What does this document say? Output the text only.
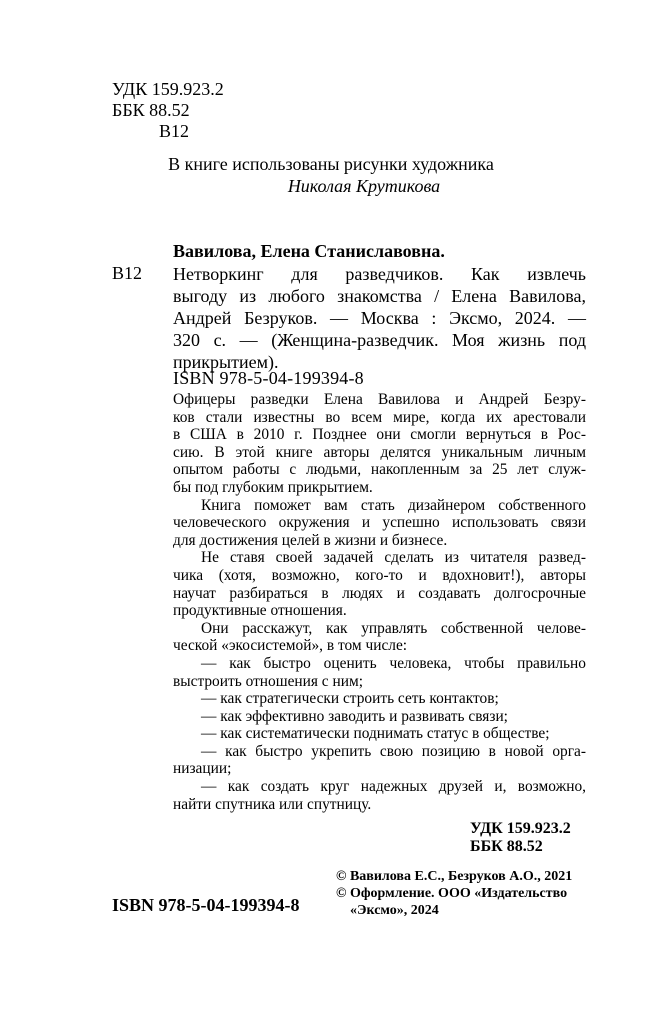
УДК 159.923.2
ББК 88.52
В12
В книге использованы рисунки художника
Николая Крутикова
Вавилова, Елена Станиславовна.
В12 Нетворкинг для разведчиков. Как извлечь
выгоду из любого знакомства / Елена Вавилова,
Андрей Безруков. — Москва : Эксмо, 2024. —
320 с. — (Женщина-разведчик. Моя жизнь под
прикрытием).
ISBN 978-5-04-199394-8
Офицеры разведки Елена Вавилова и Андрей Безру-
ков стали известны во всем мире, когда их арестовали
в США в 2010 г. Позднее они смогли вернуться в Рос-
сию. В этой книге авторы делятся уникальным личным
опытом работы с людьми, накопленным за 25 лет служ-
бы под глубоким прикрытием.
Книга поможет вам стать дизайнером собственного
человеческого окружения и успешно использовать связи
для достижения целей в жизни и бизнесе.
Не ставя своей задачей сделать из читателя развед-
чика (хотя, возможно, кого-то и вдохновит!), авторы
научат разбираться в людях и создавать долгосрочные
продуктивные отношения.
Они расскажут, как управлять собственной челове-
ческой «экосистемой», в том числе:
— как быстро оценить человека, чтобы правильно
выстроить отношения с ним;
— как стратегически строить сеть контактов;
— как эффективно заводить и развивать связи;
— как систематически поднимать статус в обществе;
— как быстро укрепить свою позицию в новой орга-
низации;
— как создать круг надежных друзей и, возможно,
найти спутника или спутницу.
УДК 159.923.2
ББК 88.52
© Вавилова Е.С., Безруков А.О., 2021
© Оформление. ООО «Издательство
«Эксмо», 2024
ISBN 978-5-04-199394-8
